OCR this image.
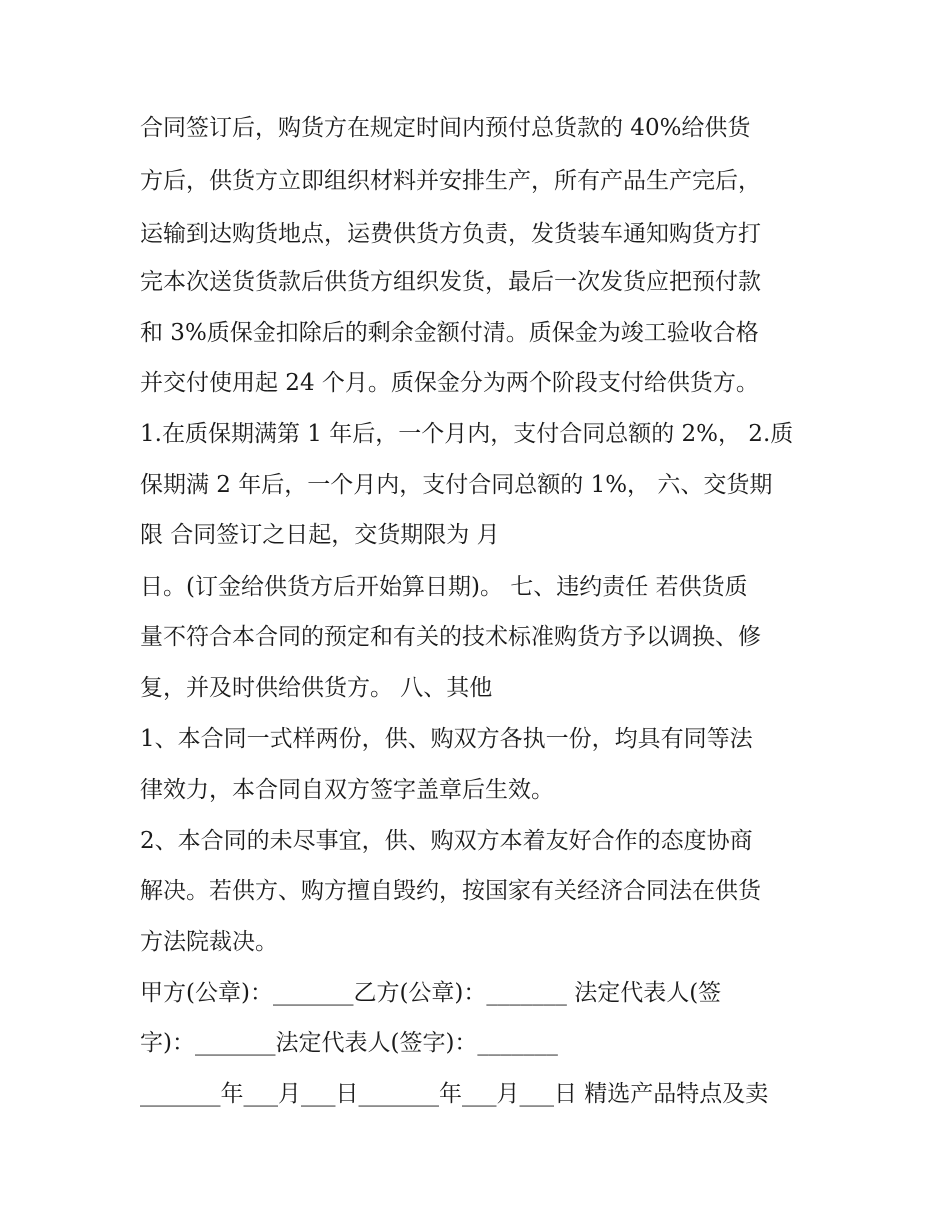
合同签订后，购货方在规定时间内预付总货款的 40%给供货
方后，供货方立即组织材料并安排生产，所有产品生产完后，
运输到达购货地点，运费供货方负责，发货装车通知购货方打
完本次送货货款后供货方组织发货，最后一次发货应把预付款
和 3%质保金扣除后的剩余金额付清。质保金为竣工验收合格
并交付使用起 24 个月。质保金分为两个阶段支付给供货方。
1.在质保期满第 1 年后，一个月内，支付合同总额的 2%， 2.质
保期满 2 年后，一个月内，支付合同总额的 1%， 六、交货期
限 合同签订之日起，交货期限为 月
日。(订金给供货方后开始算日期)。 七、违约责任 若供货质
量不符合本合同的预定和有关的技术标准购货方予以调换、修
复，并及时供给供货方。 八、其他
1、本合同一式样两份，供、购双方各执一份，均具有同等法
律效力，本合同自双方签字盖章后生效。
2、本合同的未尽事宜，供、购双方本着友好合作的态度协商
解决。若供方、购方擅自毁约，按国家有关经济合同法在供货
方法院裁决。
甲方(公章)：_______乙方(公章)：_______ 法定代表人(签
字)：_______法定代表人(签字)：_______
_______年___月___日_______年___月___日 精选产品特点及卖
